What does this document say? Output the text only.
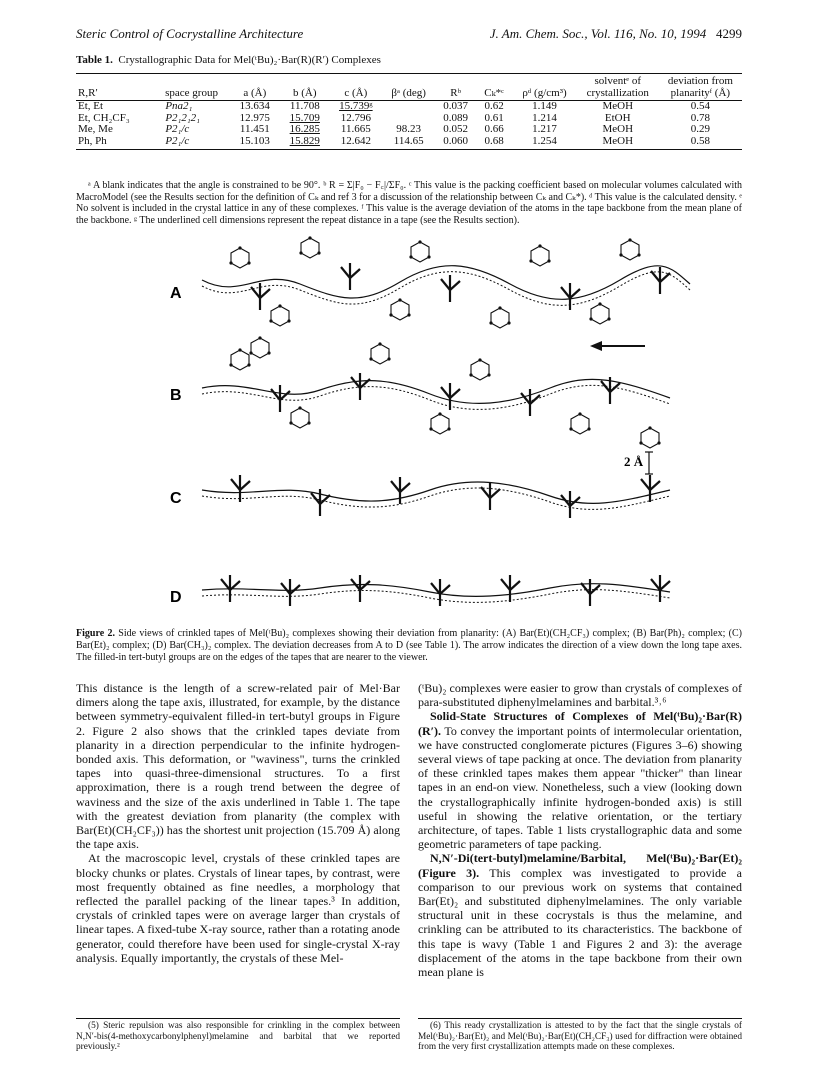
Steric Control of Cocrystalline Architecture	J. Am. Chem. Soc., Vol. 116, No. 10, 1994 4299
Table 1. Crystallographic Data for Mel(ᵗBu)₂·Bar(R)(R′) Complexes

R,R′	space group	a (Å)	b (Å)	c (Å)	βᵃ (deg)	Rᵇ	Cₖ*ᶜ	ρᵈ (g/cm³)	solventᵉ of crystallization	deviation from planarityᶠ (Å)
Et, Et	Pna2₁	13.634	11.708	15.739ᵍ		0.037	0.62	1.149	MeOH	0.54
Et, CH₂CF₃	P2₁2₁2₁	12.975	15.709	12.796		0.089	0.61	1.214	EtOH	0.78
Me, Me	P2₁/c	11.451	16.285	11.665	98.23	0.052	0.66	1.217	MeOH	0.29
Ph, Ph	P2₁/c	15.103	15.829	12.642	114.65	0.060	0.68	1.254	MeOH	0.58
ᵃ A blank indicates that the angle is constrained to be 90°. ᵇ R = Σ|F₀ − F꜀|/ΣF₀. ᶜ This value is the packing coefficient based on molecular volumes calculated with MacroModel (see the Results section for the definition of Cₖ and ref 3 for a discussion of the relationship between Cₖ and Cₖ*). ᵈ This value is the calculated density. ᵉ No solvent is included in the crystal lattice in any of these complexes. ᶠ This value is the average deviation of the atoms in the tape backbone from the mean plane of the backbone. ᵍ The underlined cell dimensions represent the repeat distance in a tape (see the Results section).
A
B
2 Å
C
D
Figure 2. Side views of crinkled tapes of Mel(ᵗBu)₂ complexes showing their deviation from planarity: (A) Bar(Et)(CH₂CF₃) complex; (B) Bar(Ph)₂ complex; (C) Bar(Et)₂ complex; (D) Bar(CH₃)₂ complex. The deviation decreases from A to D (see Table 1). The arrow indicates the direction of a view down the long tape axes. The filled-in tert-butyl groups are on the edges of the tapes that are nearer to the viewer.

This distance is the length of a screw-related pair of Mel·Bar dimers along the tape axis, illustrated, for example, by the distance between symmetry-equivalent filled-in tert-butyl groups in Figure 2. Figure 2 also shows that the crinkled tapes deviate from planarity in a direction perpendicular to the infinite hydrogen-bonded axis. This deformation, or "waviness", turns the crinkled tapes into quasi-three-dimensional structures. To a first approximation, there is a rough trend between the degree of waviness and the size of the axis underlined in Table 1. The tape with the greatest deviation from planarity (the complex with Bar(Et)(CH₂CF₃)) has the shortest unit projection (15.709 Å) along the tape axis.

At the macroscopic level, crystals of these crinkled tapes are blocky chunks or plates. Crystals of linear tapes, by contrast, were most frequently obtained as fine needles, a morphology that reflected the parallel packing of the linear tapes.³ In addition, crystals of crinkled tapes were on average larger than crystals of linear tapes. A fixed-tube X-ray source, rather than a rotating anode generator, could therefore have been used for single-crystal X-ray analysis. Equally importantly, the crystals of these Mel-

(ᵗBu)₂ complexes were easier to grow than crystals of complexes of para-substituted diphenylmelamines and barbital.³˒⁶

Solid-State Structures of Complexes of Mel(ᵗBu)₂·Bar(R)(R′). To convey the important points of intermolecular orientation, we have constructed conglomerate pictures (Figures 3–6) showing several views of tape packing at once. The deviation from planarity of these crinkled tapes makes them appear "thicker" than linear tapes in an end-on view. Nonetheless, such a view (looking down the crystallographically infinite hydrogen-bonded axis) is still useful in showing the relative orientation, or the tertiary architecture, of tapes. Table 1 lists crystallographic data and some geometric parameters of tape packing.

N,N′-Di(tert-butyl)melamine/Barbital, Mel(ᵗBu)₂·Bar(Et)₂ (Figure 3). This complex was investigated to provide a comparison to our previous work on systems that contained Bar(Et)₂ and substituted diphenylmelamines. The only variable structural unit in these cocrystals is thus the melamine, and crinkling can be attributed to its characteristics. The backbone of this tape is wavy (Table 1 and Figures 2 and 3): the average displacement of the atoms in the tape backbone from their own mean plane is

(5) Steric repulsion was also responsible for crinkling in the complex between N,N′-bis(4-methoxycarbonylphenyl)melamine and barbital that we reported previously.²
(6) This ready crystallization is attested to by the fact that the single crystals of Mel(ᵗBu)₂·Bar(Et)₂ and Mel(ᵗBu)₂·Bar(Et)(CH₂CF₃) used for diffraction were obtained from the very first crystallization attempts made on these complexes.
